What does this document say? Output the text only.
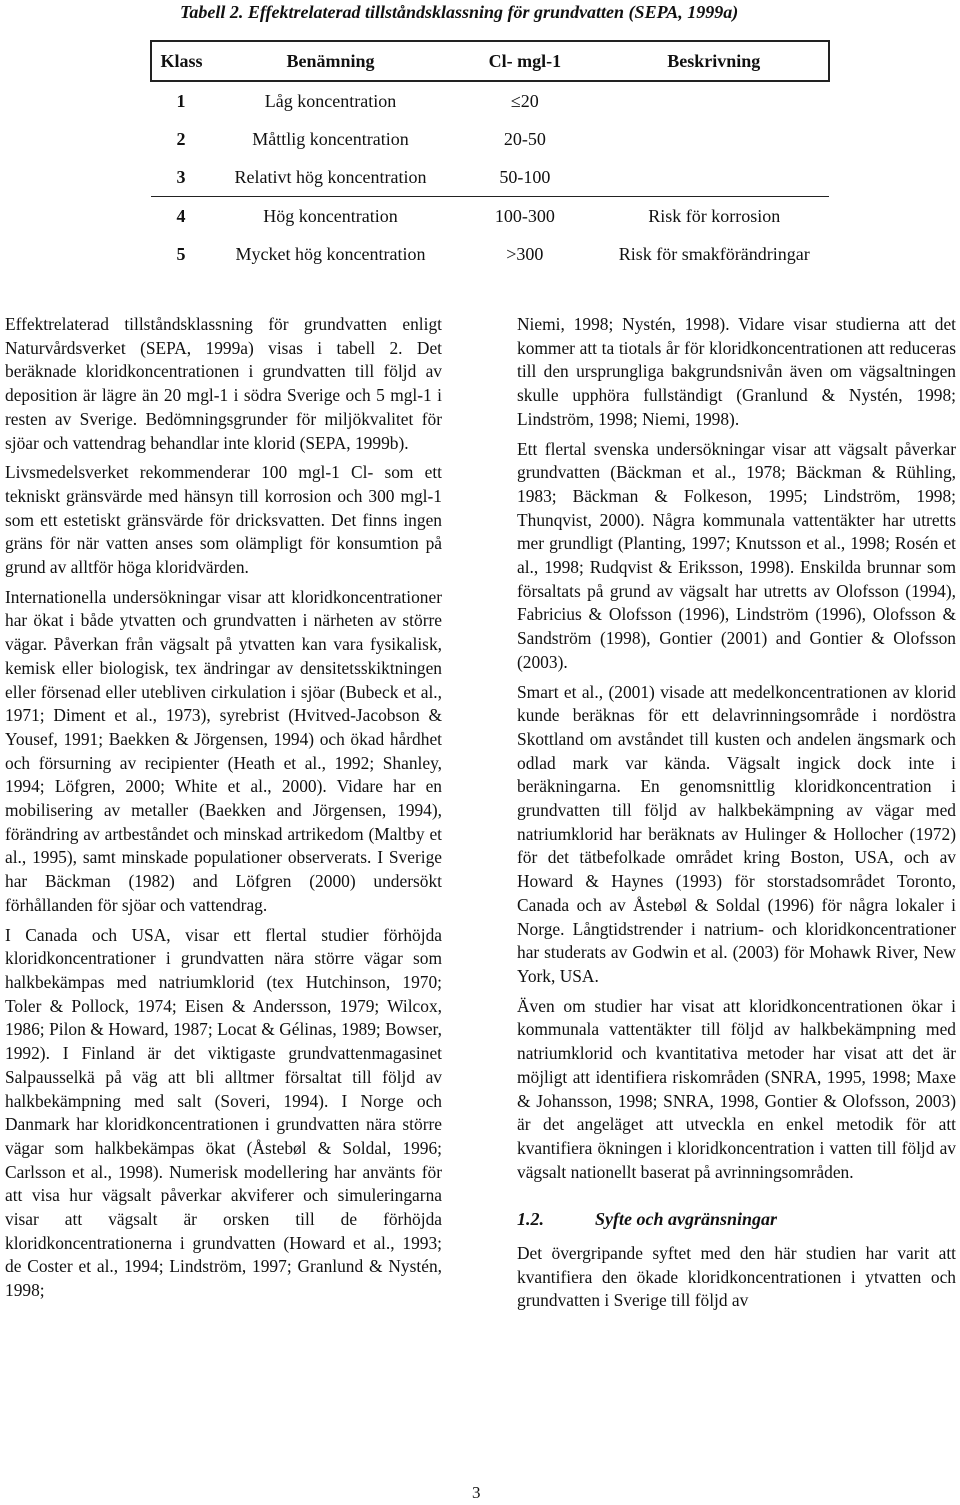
Tabell 2. Effektrelaterad tillståndsklassning för grundvatten (SEPA, 1999a)
Klass	Benämning	Cl- mgl-1	Beskrivning
1	Låg koncentration	≤20	
2	Måttlig koncentration	20-50	
3	Relativt hög koncentration	50-100	
4	Hög koncentration	100-300	Risk för korrosion
5	Mycket hög koncentration	>300	Risk för smakförändringar

Effektrelaterad tillståndsklassning för grundvatten enligt Naturvårdsverket (SEPA, 1999a) visas i tabell 2. Det beräknade kloridkoncentrationen i grundvatten till följd av deposition är lägre än 20 mgl-1 i södra Sverige och 5 mgl-1 i resten av Sverige. Bedömningsgrunder för miljökvalitet för sjöar och vattendrag behandlar inte klorid (SEPA, 1999b).

Livsmedelsverket rekommenderar 100 mgl-1 Cl- som ett tekniskt gränsvärde med hänsyn till korrosion och 300 mgl-1 som ett estetiskt gränsvärde för dricksvatten. Det finns ingen gräns för när vatten anses som olämpligt för konsumtion på grund av alltför höga kloridvärden.

Internationella undersökningar visar att kloridkoncentrationer har ökat i både ytvatten och grundvatten i närheten av större vägar. Påverkan från vägsalt på ytvatten kan vara fysikalisk, kemisk eller biologisk, tex ändringar av densitetsskiktningen eller försenad eller utebliven cirkulation i sjöar (Bubeck et al., 1971; Diment et al., 1973), syrebrist (Hvitved-Jacobson & Yousef, 1991; Baekken & Jörgensen, 1994) och ökad hårdhet och försurning av recipienter (Heath et al., 1992; Shanley, 1994; Löfgren, 2000; White et al., 2000). Vidare har en mobilisering av metaller (Baekken and Jörgensen, 1994), förändring av artbeståndet och minskad artrikedom (Maltby et al., 1995), samt minskade populationer observerats. I Sverige har Bäckman (1982) and Löfgren (2000) undersökt förhållanden för sjöar och vattendrag.

I Canada och USA, visar ett flertal studier förhöjda kloridkoncentrationer i grundvatten nära större vägar som halkbekämpas med natriumklorid (tex Hutchinson, 1970; Toler & Pollock, 1974; Eisen & Andersson, 1979; Wilcox, 1986; Pilon & Howard, 1987; Locat & Gélinas, 1989; Bowser, 1992). I Finland är det viktigaste grundvattenmagasinet Salpausselkä på väg att bli alltmer försaltat till följd av halkbekämpning med salt (Soveri, 1994). I Norge och Danmark har kloridkoncentrationen i grundvatten nära större vägar som halkbekämpas ökat (Åstebøl & Soldal, 1996; Carlsson et al., 1998). Numerisk modellering har använts för att visa hur vägsalt påverkar akviferer och simuleringarna visar att vägsalt är orsken till de förhöjda kloridkoncentrationerna i grundvatten (Howard et al., 1993; de Coster et al., 1994; Lindström, 1997; Granlund & Nystén, 1998;

Niemi, 1998; Nystén, 1998). Vidare visar studierna att det kommer att ta tiotals år för kloridkoncentrationen att reduceras till den ursprungliga bakgrundsnivån även om vägsaltningen skulle upphöra fullständigt (Granlund & Nystén, 1998; Lindström, 1998; Niemi, 1998).

Ett flertal svenska undersökningar visar att vägsalt påverkar grundvatten (Bäckman et al., 1978; Bäckman & Rühling, 1983; Bäckman & Folkeson, 1995; Lindström, 1998; Thunqvist, 2000). Några kommunala vattentäkter har utretts mer grundligt (Planting, 1997; Knutsson et al., 1998; Rosén et al., 1998; Rudqvist & Eriksson, 1998). Enskilda brunnar som försaltats på grund av vägsalt har utretts av Olofsson (1994), Fabricius & Olofsson (1996), Lindström (1996), Olofsson & Sandström (1998), Gontier (2001) and Gontier & Olofsson (2003).

Smart et al., (2001) visade att medelkoncentrationen av klorid kunde beräknas för ett delavrinningsområde i nordöstra Skottland om avståndet till kusten och andelen ängsmark och odlad mark var kända. Vägsalt ingick dock inte i beräkningarna. En genomsnittlig kloridkoncentration i grundvatten till följd av halkbekämpning av vägar med natriumklorid har beräknats av Hulinger & Hollocher (1972) för det tätbefolkade området kring Boston, USA, och av Howard & Haynes (1993) för storstadsområdet Toronto, Canada och av Åstebøl & Soldal (1996) för några lokaler i Norge. Långtidstrender i natrium- och kloridkoncentrationer har studerats av Godwin et al. (2003) för Mohawk River, New York, USA.

Även om studier har visat att kloridkoncentrationen ökar i kommunala vattentäkter till följd av halkbekämpning med natriumklorid och kvantitativa metoder har visat att det är möjligt att identifiera riskområden (SNRA, 1995, 1998; Maxe & Johansson, 1998; SNRA, 1998, Gontier & Olofsson, 2003) är det angeläget att utveckla en enkel metodik för att kvantifiera ökningen i kloridkoncentration i vatten till följd av vägsalt nationellt baserat på avrinningsområden.

1.2.	Syfte och avgränsningar

Det övergripande syftet med den här studien har varit att kvantifiera den ökade kloridkoncentrationen i ytvatten och grundvatten i Sverige till följd av

3
